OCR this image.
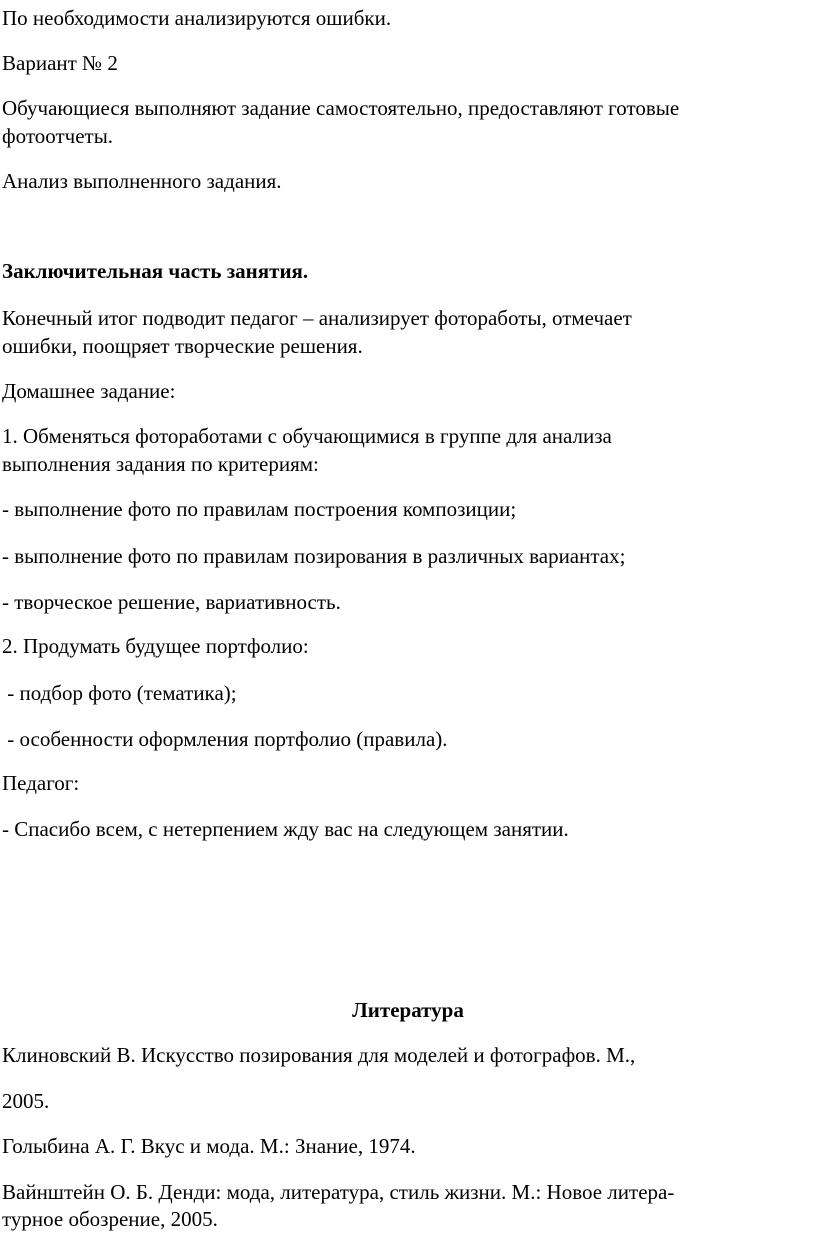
По необходимости анализируются ошибки.
Вариант № 2
Обучающиеся выполняют задание самостоятельно, предоставляют готовые
фотоотчеты.
Анализ выполненного задания.
Заключительная часть занятия.
Конечный итог подводит педагог – анализирует фотоработы, отмечает
ошибки, поощряет творческие решения.
Домашнее задание:
1. Обменяться фотоработами с обучающимися в группе для анализа
выполнения задания по критериям:
- выполнение фото по правилам построения композиции;
- выполнение фото по правилам позирования в различных вариантах;
- творческое решение, вариативность.
2. Продумать будущее портфолио:
- подбор фото (тематика);
- особенности оформления портфолио (правила).
Педагог:
- Спасибо всем, с нетерпением жду вас на следующем занятии.
Литература
Клиновский В. Искусство позирования для моделей и фотографов. М.,
2005.
Голыбина А. Г. Вкус и мода. М.: Знание, 1974.
Вайнштейн О. Б. Денди: мода, литература, стиль жизни. М.: Новое литера-
турное обозрение, 2005.
